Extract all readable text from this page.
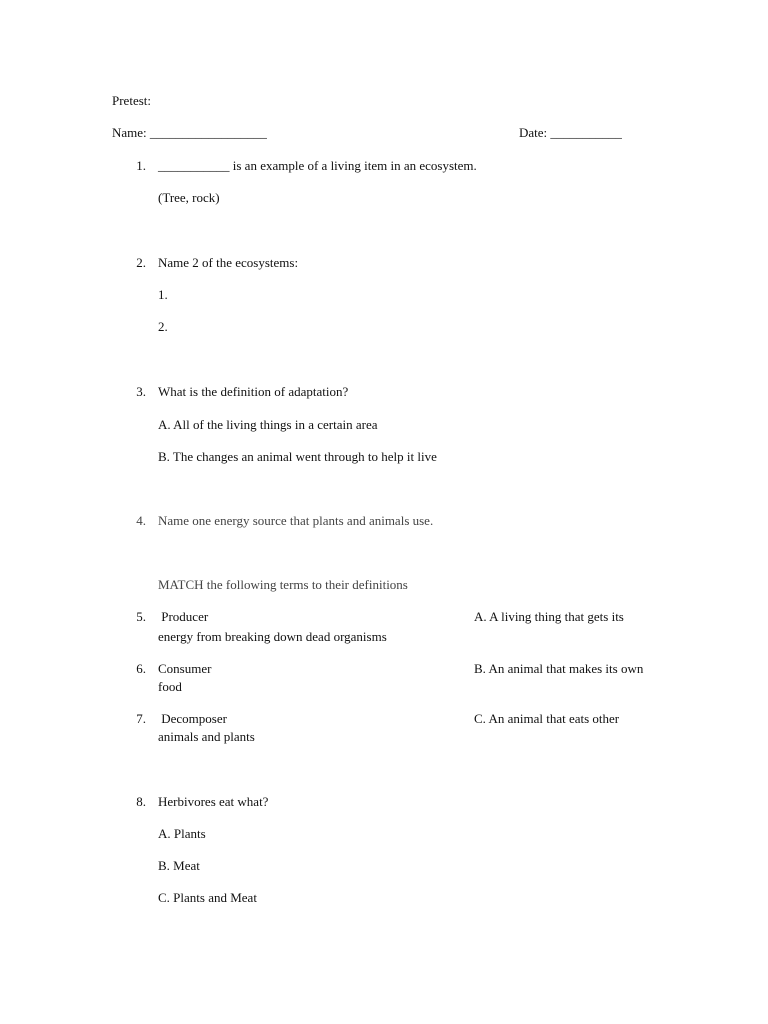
Pretest:
Name: __________________	Date: ___________
1. ___________ is an example of a living item in an ecosystem.
(Tree, rock)
2. Name 2 of the ecosystems:
1.
2.
3. What is the definition of adaptation?
A. All of the living things in a certain area
B. The changes an animal went through to help it live
4. Name one energy source that plants and animals use.
MATCH the following terms to their definitions
5. Producer	A. A living thing that gets its
energy from breaking down dead organisms
6. Consumer	B. An animal that makes its own
food
7. Decomposer	C. An animal that eats other
animals and plants
8. Herbivores eat what?
A. Plants
B. Meat
C. Plants and Meat
